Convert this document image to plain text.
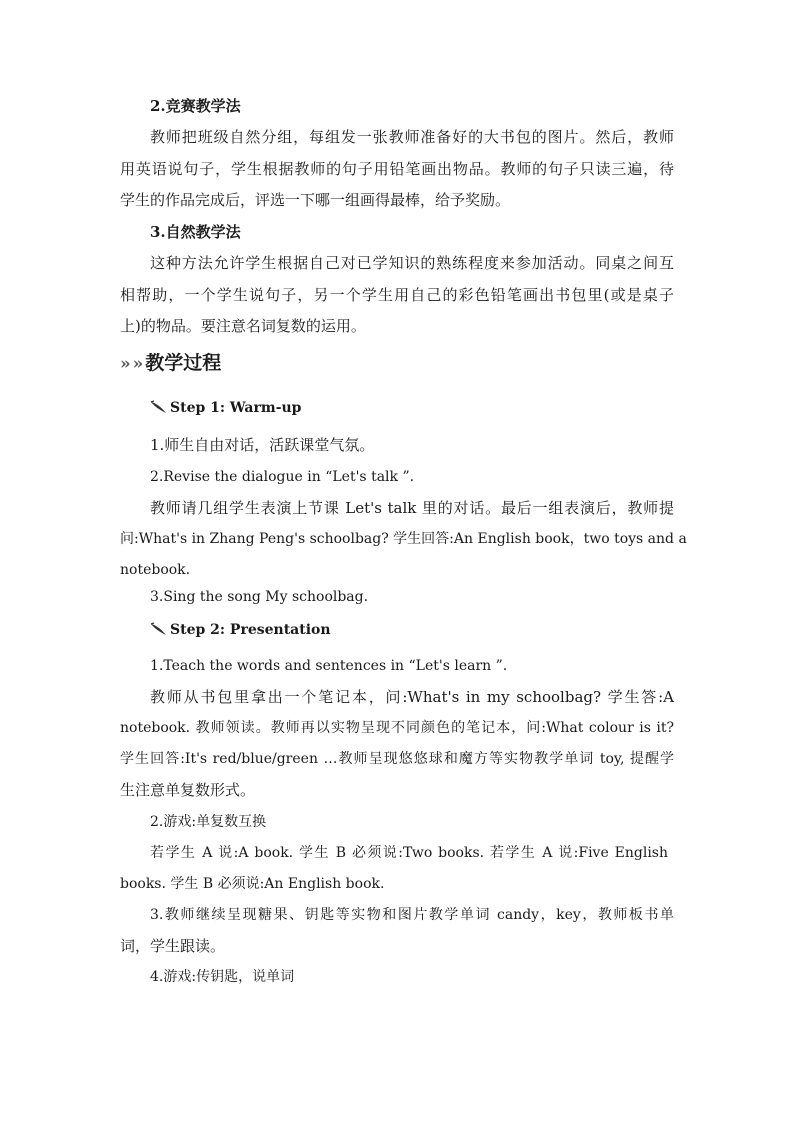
2.竞赛教学法
教师把班级自然分组，每组发一张教师准备好的大书包的图片。然后，教师
用英语说句子，学生根据教师的句子用铅笔画出物品。教师的句子只读三遍，待
学生的作品完成后，评选一下哪一组画得最棒，给予奖励。
3.自然教学法
这种方法允许学生根据自己对已学知识的熟练程度来参加活动。同桌之间互
相帮助，一个学生说句子，另一个学生用自己的彩色铅笔画出书包里(或是桌子
上)的物品。要注意名词复数的运用。
» » 教学过程
Step 1: Warm-up
1.师生自由对话，活跃课堂气氛。
2.Revise the dialogue in “Let's talk ”.
教师请几组学生表演上节课 Let's talk 里的对话。最后一组表演后，教师提
问:What's in Zhang Peng's schoolbag? 学生回答:An English book，two toys and a
notebook.
3.Sing the song My schoolbag.
Step 2: Presentation
1.Teach the words and sentences in “Let's learn ”.
教师从书包里拿出一个笔记本，问:What's in my schoolbag? 学生答:A
notebook. 教师领读。教师再以实物呈现不同颜色的笔记本，问:What colour is it?
学生回答:It's red/blue/green …教师呈现悠悠球和魔方等实物教学单词 toy, 提醒学
生注意单复数形式。
2.游戏:单复数互换
若学生 A 说:A book. 学生 B 必须说:Two books. 若学生 A 说:Five English
books. 学生 B 必须说:An English book.
3.教师继续呈现糖果、钥匙等实物和图片教学单词 candy，key，教师板书单
词，学生跟读。
4.游戏:传钥匙，说单词
